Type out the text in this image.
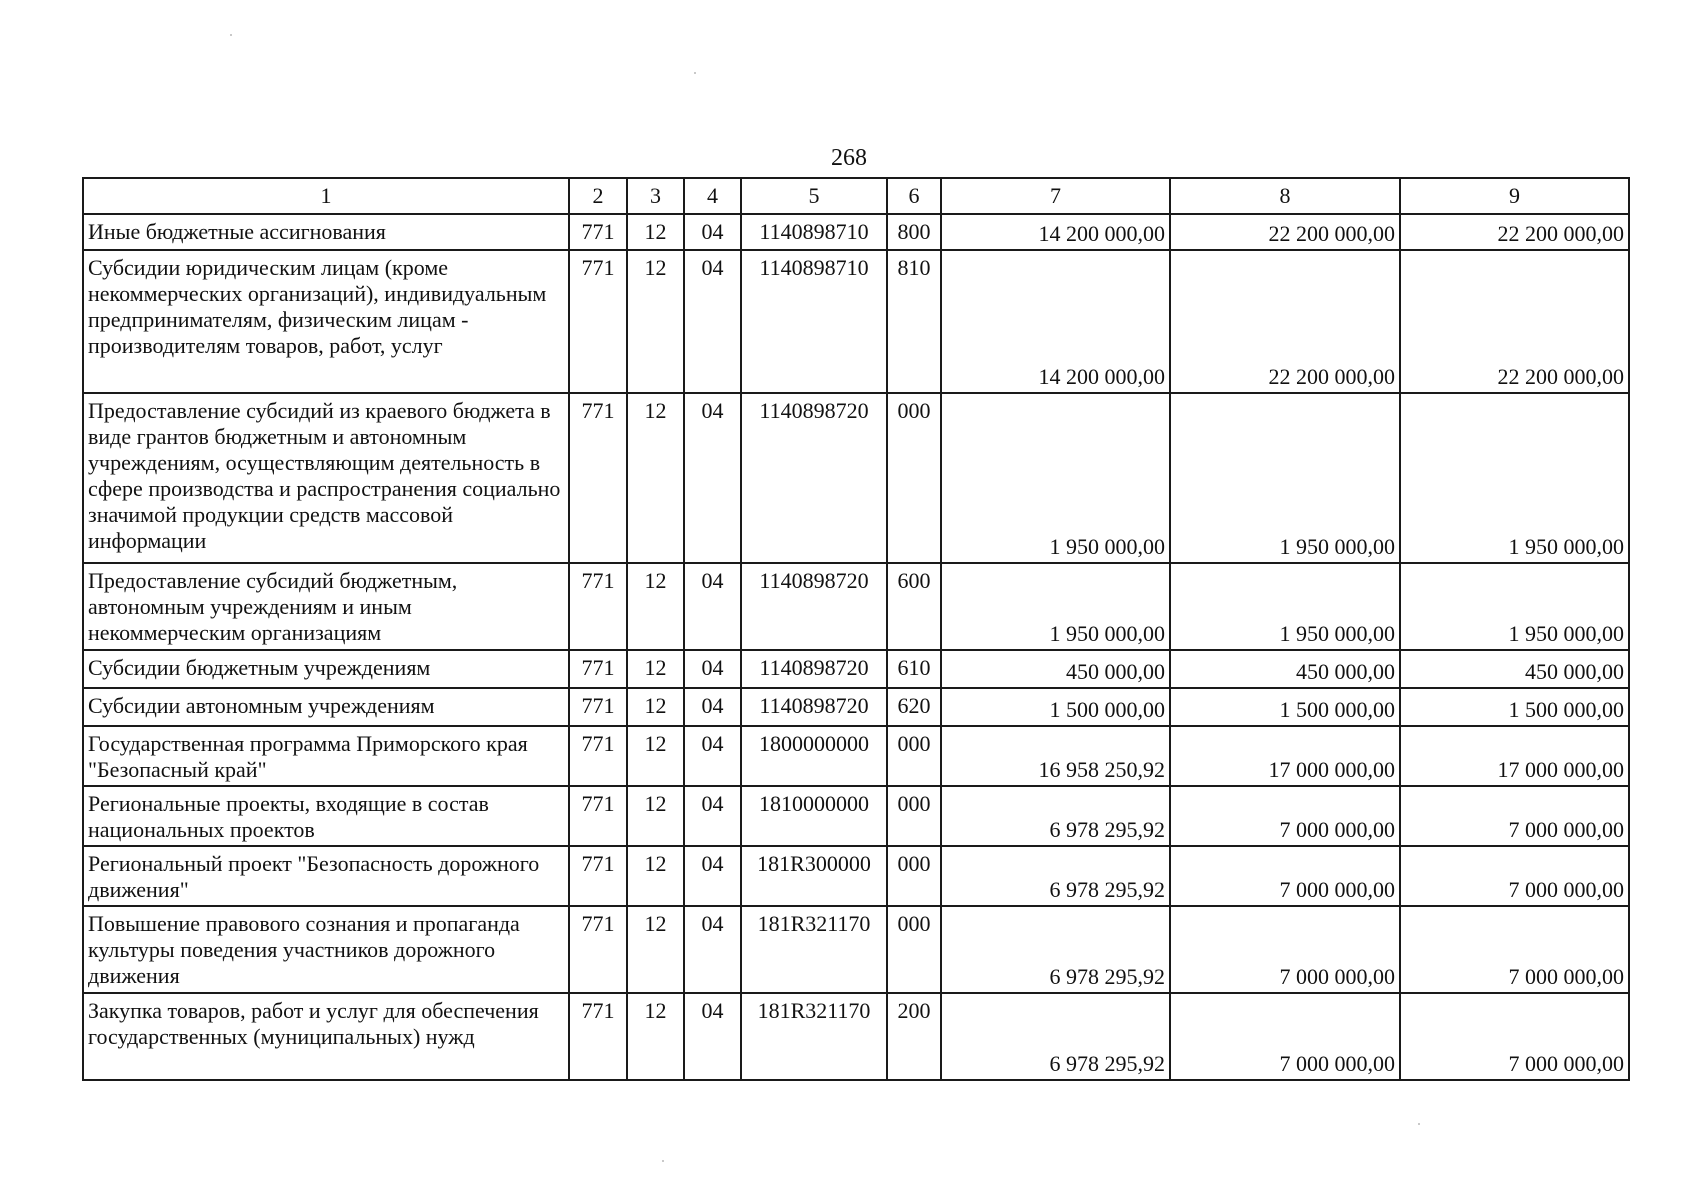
268
1	2	3	4	5	6	7	8	9
Иные бюджетные ассигнования	771	12	04	1140898710	800	14 200 000,00	22 200 000,00	22 200 000,00
Субсидии юридическим лицам (кроме некоммерческих организаций), индивидуальным предпринимателям, физическим лицам - производителям товаров, работ, услуг	771	12	04	1140898710	810	14 200 000,00	22 200 000,00	22 200 000,00
Предоставление субсидий из краевого бюджета в виде грантов бюджетным и автономным учреждениям, осуществляющим деятельность в сфере производства и распространения социально значимой продукции средств массовой информации	771	12	04	1140898720	000	1 950 000,00	1 950 000,00	1 950 000,00
Предоставление субсидий бюджетным, автономным учреждениям и иным некоммерческим организациям	771	12	04	1140898720	600	1 950 000,00	1 950 000,00	1 950 000,00
Субсидии бюджетным учреждениям	771	12	04	1140898720	610	450 000,00	450 000,00	450 000,00
Субсидии автономным учреждениям	771	12	04	1140898720	620	1 500 000,00	1 500 000,00	1 500 000,00
Государственная программа Приморского края "Безопасный край"	771	12	04	1800000000	000	16 958 250,92	17 000 000,00	17 000 000,00
Региональные проекты, входящие в состав национальных проектов	771	12	04	1810000000	000	6 978 295,92	7 000 000,00	7 000 000,00
Региональный проект "Безопасность дорожного движения"	771	12	04	181R300000	000	6 978 295,92	7 000 000,00	7 000 000,00
Повышение правового сознания и пропаганда культуры поведения участников дорожного движения	771	12	04	181R321170	000	6 978 295,92	7 000 000,00	7 000 000,00
Закупка товаров, работ и услуг для обеспечения государственных (муниципальных) нужд	771	12	04	181R321170	200	6 978 295,92	7 000 000,00	7 000 000,00
